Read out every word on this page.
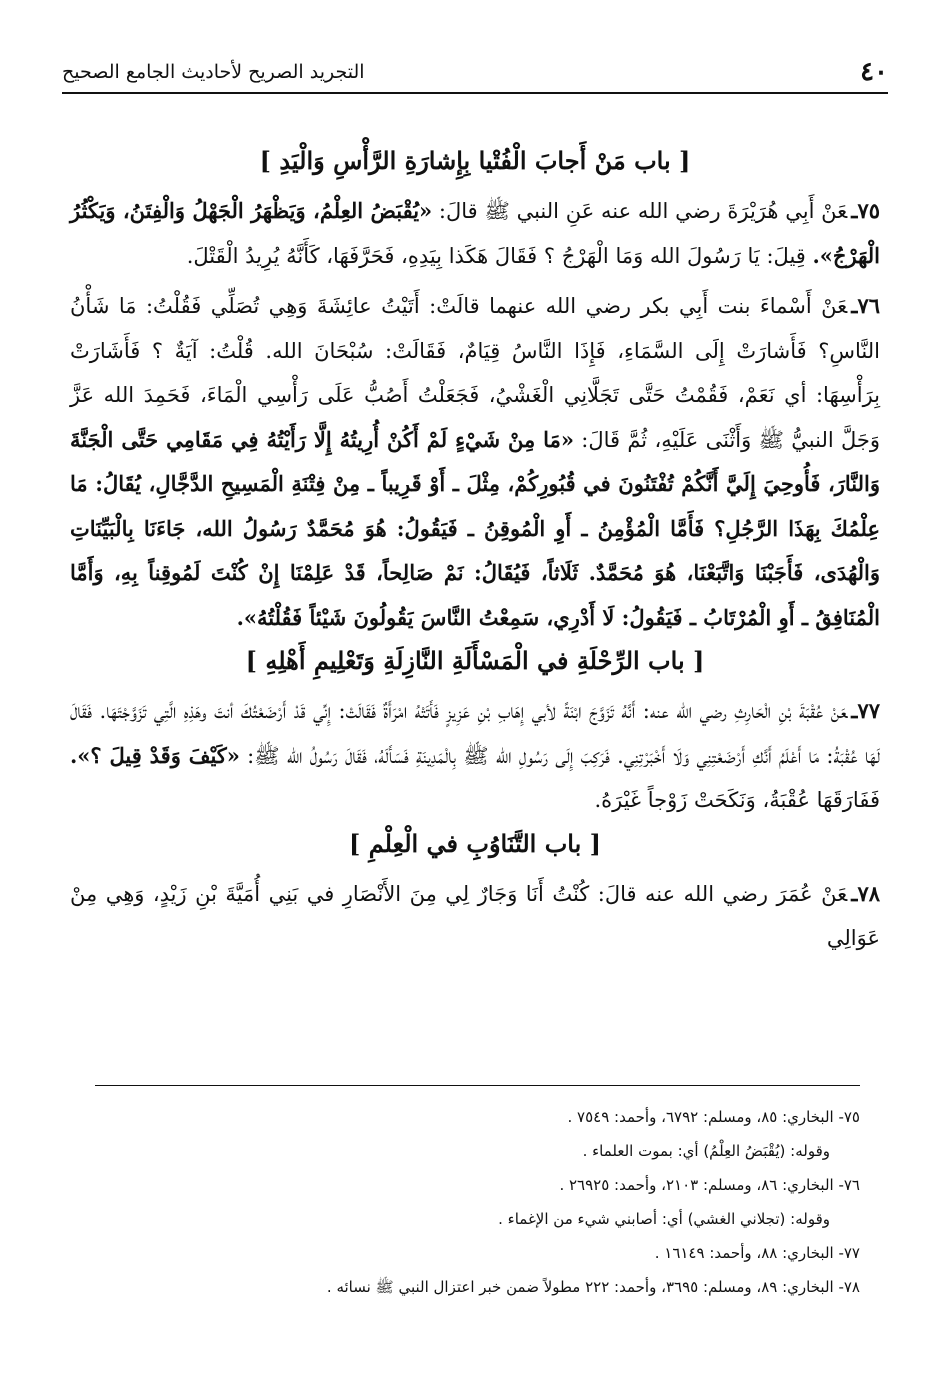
٤٠
التجريد الصريح لأحاديث الجامع الصحيح
[ باب مَنْ أَجابَ الْفُتْيا بِإِشارَةِ الرَّأْسِ وَالْيَدِ ]

٧٥ـعَنْ أَبِي هُرَيْرَةَ رضي الله عنه عَنِ النبي ﷺ قالَ: «يُقْبَضُ العِلْمُ، وَيَظْهَرُ الْجَهْلُ وَالْفِتَنُ، وَيَكْثُرُ الْهَرْجُ». قِيلَ: يَا رَسُولَ الله وَمَا الْهَرْجُ ؟ فَقَالَ هَكَذا بِيَدِهِ، فَحَرَّفَهَا، كَأَنَّهُ يُرِيدُ الْقَتْلَ.

٧٦ـعَنْ أَسْماءَ بنت أَبِي بكر رضي الله عنهما قالَتْ: أَتَيْتُ عائِشَةَ وَهِي تُصَلِّي فَقُلْتُ: مَا شَأْنُ النَّاسِ؟ فَأَشارَتْ إِلَى السَّمَاءِ، فَإِذَا النَّاسُ قِيَامٌ، فَقَالَتْ: سُبْحَانَ الله. قُلْتُ: آيَةٌ ؟ فَأَشَارَتْ بِرَأْسِهَا: أي نَعَمْ، فَقُمْتُ حَتَّى تَجَلَّانِي الْغَشْيُ، فَجَعَلْتُ أَصُبُّ عَلَى رَأْسِي الْمَاءَ، فَحَمِدَ الله عَزَّ وَجَلَّ النبيُّ ﷺ وَأَثْنَى عَلَيْهِ، ثُمَّ قَالَ: «مَا مِنْ شَيْءٍ لَمْ أَكُنْ أُرِيتُهُ إِلَّا رَأَيْتُهُ فِي مَقَامِي حَتَّى الْجَنَّةَ وَالنَّارَ، فَأُوحِيَ إِلَيَّ أَنَّكُمْ تُفْتَنُونَ في قُبُورِكُمْ، مِثْلَ ـ أَوْ قَرِيباً ـ مِنْ فِتْنَةِ الْمَسِيحِ الدَّجَّالِ، يُقَالُ: مَا عِلْمُكَ بِهَذَا الرَّجُلِ؟ فَأَمَّا الْمُؤْمِنُ ـ أَوِ الْمُوقِنُ ـ فَيَقُولُ: هُوَ مُحَمَّدٌ رَسُولُ الله، جَاءَنَا بِالْبَيِّنَاتِ وَالْهُدَى، فَأَجَبْنَا وَاتَّبَعْنَا، هُوَ مُحَمَّدٌ. ثَلَاثاً، فَيُقَالُ: نَمْ صَالِحاً، قَدْ عَلِمْنَا إِنْ كُنْتَ لَمُوقِناً بِهِ، وَأَمَّا الْمُنَافِقُ ـ أَوِ الْمُرْتَابُ ـ فَيَقُولُ: لَا أَدْرِي، سَمِعْتُ النَّاسَ يَقُولُونَ شَيْئاً فَقُلْتُهُ».

[ باب الرِّحْلَةِ في الْمَسْأَلَةِ النَّازِلَةِ وَتَعْلِيمِ أَهْلِهِ ]

٧٧ـعَنْ عُقْبَةَ بْنِ الْحَارِثِ رضي الله عنه: أَنَّهُ تَزَوَّجَ ابْنَةً لأبي إِهَابِ بْنِ عَزِيزٍ فَأَتَتْهُ امْرَأَةٌ فَقَالَتْ: إِنِّي قَدْ أَرْضَعْتُكَ أنتَ وهَذِهِ الَّتِي تَزَوَّجْتَهَا. فَقَالَ لَهَا عُقْبَةُ: مَا أَعْلَمُ أَنَّكِ أَرْضَعْتِنِي وَلَا أَخْبَرْتِنِي. فَرَكِبَ إِلَى رَسُولِ الله ﷺ بِالْمَدِينَةِ فَسَأَلَهُ، فَقَالَ رَسُولُ الله ﷺ: «كَيْفَ وَقَدْ قِيلَ ؟». فَفَارَقَهَا عُقْبَةُ، وَنَكَحَتْ زَوْجاً غَيْرَهُ.

[ باب التَّنَاوُبِ في الْعِلْمِ ]

٧٨ـعَنْ عُمَرَ رضي الله عنه قالَ: كُنْتُ أَنَا وَجَارٌ لِي مِنَ الأَنْصَارِ في بَنِي أُمَيَّةَ بْنِ زَيْدٍ، وَهِي مِنْ عَوَالِي

٧٥- البخاري: ٨٥، ومسلم: ٦٧٩٢، وأحمد: ٧٥٤٩ .

وقوله: (يُقْبَضُ العِلْمُ) أي: بموت العلماء .

٧٦- البخاري: ٨٦، ومسلم: ٢١٠٣، وأحمد: ٢٦٩٢٥ .

وقوله: (تجلاني الغشي) أي: أصابني شيء من الإغماء .

٧٧- البخاري: ٨٨، وأحمد: ١٦١٤٩ .

٧٨- البخاري: ٨٩، ومسلم: ٣٦٩٥، وأحمد: ٢٢٢ مطولاً ضمن خبر اعتزال النبي ﷺ نسائه .
